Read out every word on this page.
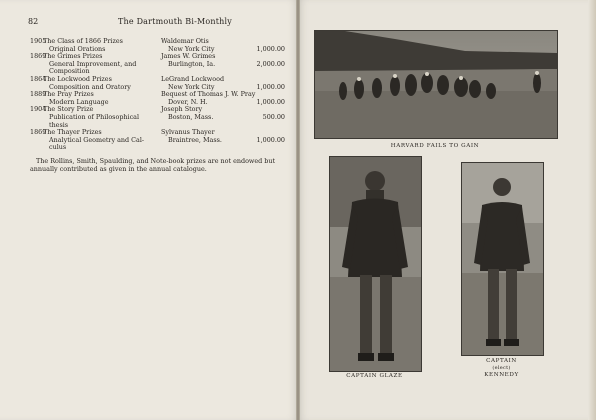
82	The Dartmouth Bi-Monthly
1905
The Class of 1866 Prizes	Waldemar Otis
Original Orations	New York City	1,000.00
1869
The Grimes Prizes	James W. Grimes
General Improvement, and	Burlington, Ia.	2,000.00
Composition
1864
The Lockwood Prizes	LeGrand Lockwood
Composition and Oratory	New York City	1,000.00
1889
The Pray Prizes	Bequest of Thomas J. W. Pray
Modern Language	Dover, N. H.	1,000.00
1904
The Story Prize	Joseph Story
Publication of Philosophical	Boston, Mass.	500.00
thesis
1869
The Thayer Prizes	Sylvanus Thayer
Analytical Geometry and Cal-	Braintree, Mass.	1,000.00
culus
The Rollins, Smith, Spaulding, and Note-book prizes are not endowed but
annually contributed as given in the annual catalogue.
HARVARD FAILS TO GAIN
CAPTAIN GLAZE
CAPTAIN
(elect)
KENNEDY
